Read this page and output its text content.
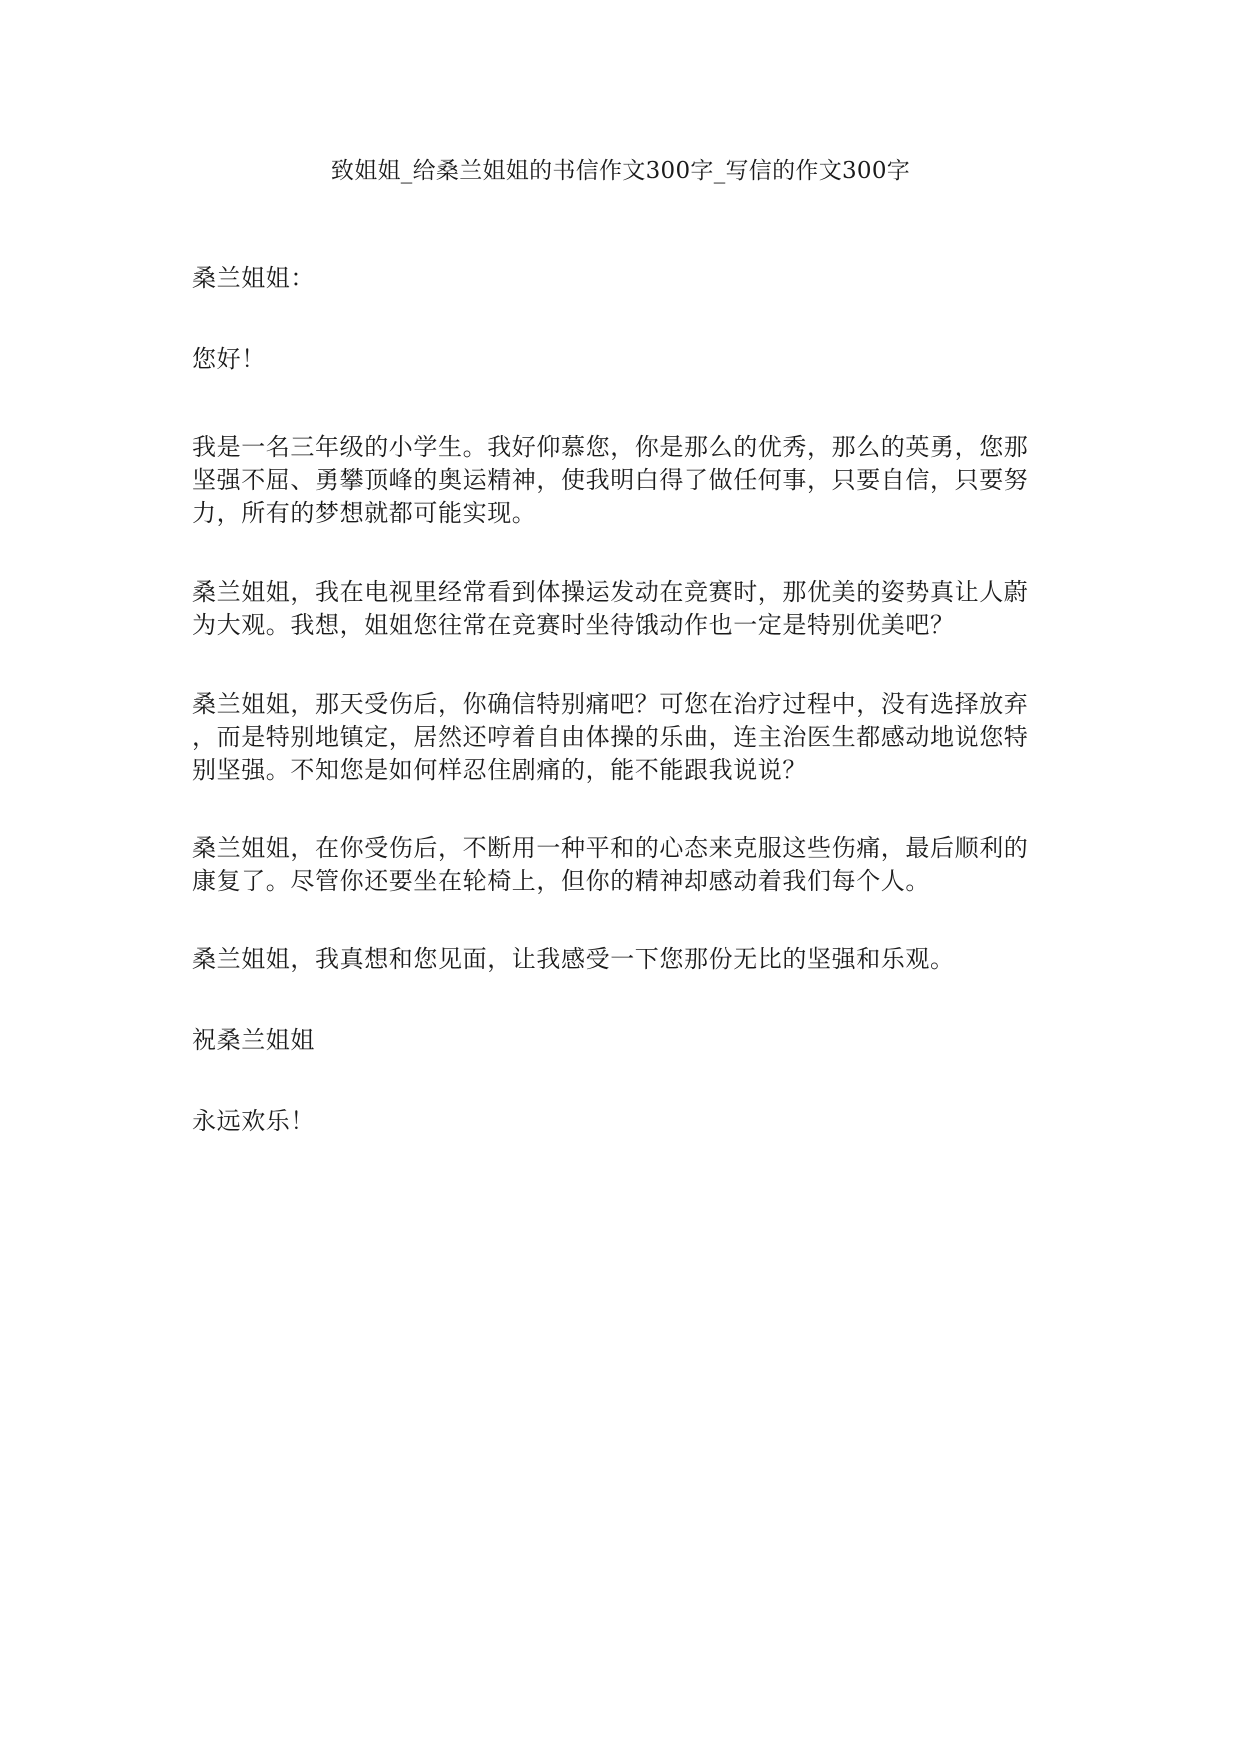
致姐姐_给桑兰姐姐的书信作文300字_写信的作文300字

桑兰姐姐：

您好！

我是一名三年级的小学生。我好仰慕您，你是那么的优秀，那么的英勇，您那
坚强不屈、勇攀顶峰的奥运精神，使我明白得了做任何事，只要自信，只要努
力，所有的梦想就都可能实现。

桑兰姐姐，我在电视里经常看到体操运发动在竞赛时，那优美的姿势真让人蔚
为大观。我想，姐姐您往常在竞赛时坐待饿动作也一定是特别优美吧？

桑兰姐姐，那天受伤后，你确信特别痛吧？可您在治疗过程中，没有选择放弃
，而是特别地镇定，居然还哼着自由体操的乐曲，连主治医生都感动地说您特
别坚强。不知您是如何样忍住剧痛的，能不能跟我说说？

桑兰姐姐，在你受伤后，不断用一种平和的心态来克服这些伤痛，最后顺利的
康复了。尽管你还要坐在轮椅上，但你的精神却感动着我们每个人。

桑兰姐姐，我真想和您见面，让我感受一下您那份无比的坚强和乐观。

祝桑兰姐姐

永远欢乐！
